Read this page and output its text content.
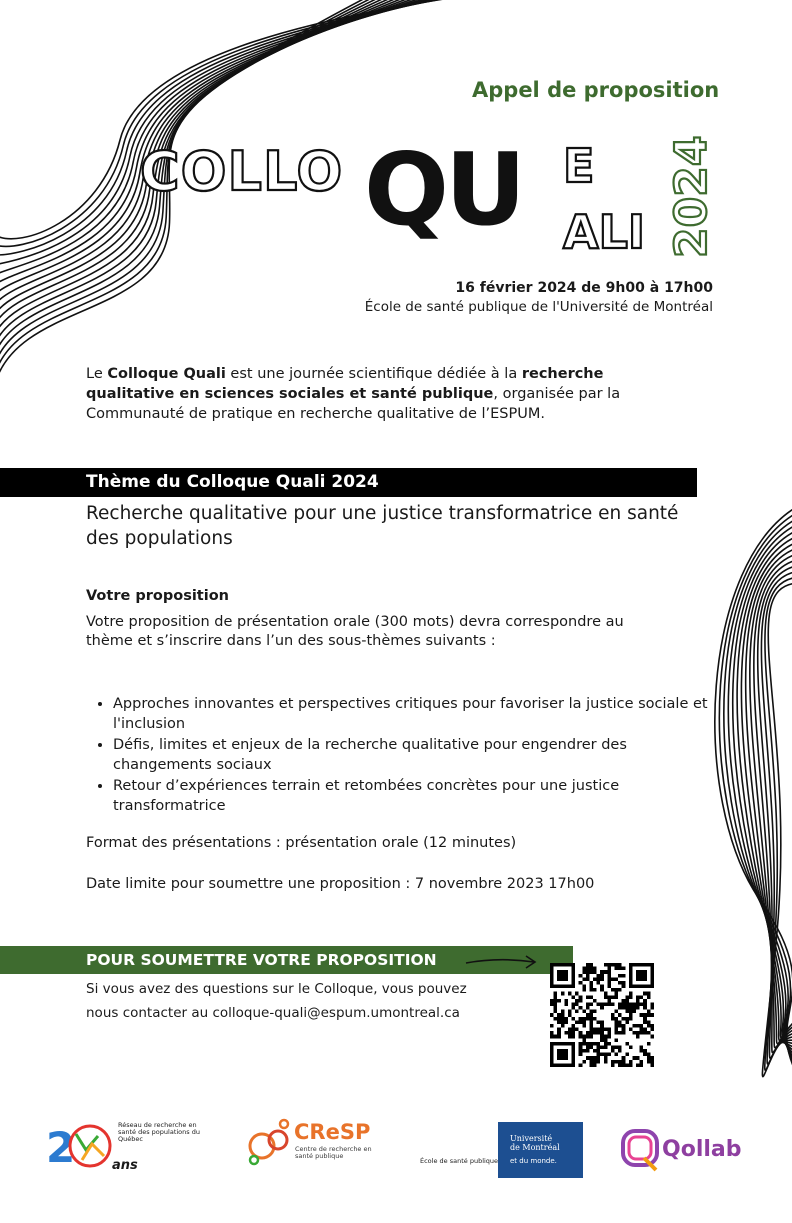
Appel de proposition
COLLO QU E
ALI 2024
16 février 2024 de 9h00 à 17h00
École de santé publique de l'Université de Montréal
Le Colloque Quali est une journée scientifique dédiée à la recherche qualitative en sciences sociales et santé publique, organisée par la Communauté de pratique en recherche qualitative de l’ESPUM.
Thème du Colloque Quali 2024
Recherche qualitative pour une justice transformatrice en santé des populations
Votre proposition
Votre proposition de présentation orale (300 mots) devra correspondre au thème et s’inscrire dans l’un des sous-thèmes suivants :
• Approches innovantes et perspectives critiques pour favoriser la justice sociale et l'inclusion
• Défis, limites et enjeux de la recherche qualitative pour engendrer des changements sociaux
• Retour d’expériences terrain et retombées concrètes pour une justice transformatrice
Format des présentations : présentation orale (12 minutes)
Date limite pour soumettre une proposition : 7 novembre 2023 17h00
POUR SOUMETTRE VOTRE PROPOSITION
Si vous avez des questions sur le Colloque, vous pouvez
nous contacter au colloque-quali@espum.umontreal.ca
2	Réseau de recherche en santé des populations du Québec
ans
CReSP
Centre de recherche en santé publique
École de santé publique
Université
de Montréal
et du monde.	Qollab
